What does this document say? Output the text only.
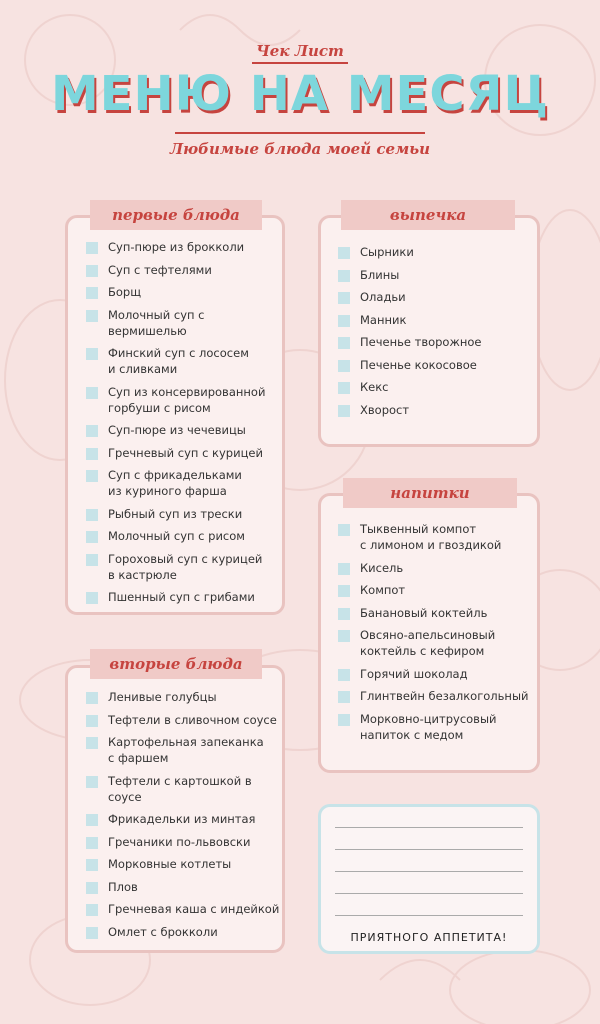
Чек Лист
МЕНЮ НА МЕСЯЦ
Любимые блюда моей семьи
первые блюда
Суп-пюре из брокколи
Суп с тефтелями
Борщ
Молочный суп с вермишелью
Финский суп с лососем
и сливками
Суп из консервированной
горбуши с рисом
Суп-пюре из чечевицы
Гречневый суп с курицей
Суп с фрикадельками
из куриного фарша
Рыбный суп из трески
Молочный суп с рисом
Гороховый суп с курицей
в кастрюле
Пшенный суп с грибами
вторые блюда
Ленивые голубцы
Тефтели в сливочном соусе
Картофельная запеканка
с фаршем
Тефтели с картошкой в соусе
Фрикадельки из минтая
Гречаники по-львовски
Морковные котлеты
Плов
Гречневая каша с индейкой
Омлет с брокколи
выпечка
Сырники
Блины
Оладьи
Манник
Печенье творожное
Печенье кокосовое
Кекс
Хворост
напитки
Тыквенный компот
с лимоном и гвоздикой
Кисель
Компот
Банановый коктейль
Овсяно-апельсиновый
коктейль с кефиром
Горячий шоколад
Глинтвейн безалкогольный
Морковно-цитрусовый
напиток с медом
ПРИЯТНОГО АППЕТИТА!
